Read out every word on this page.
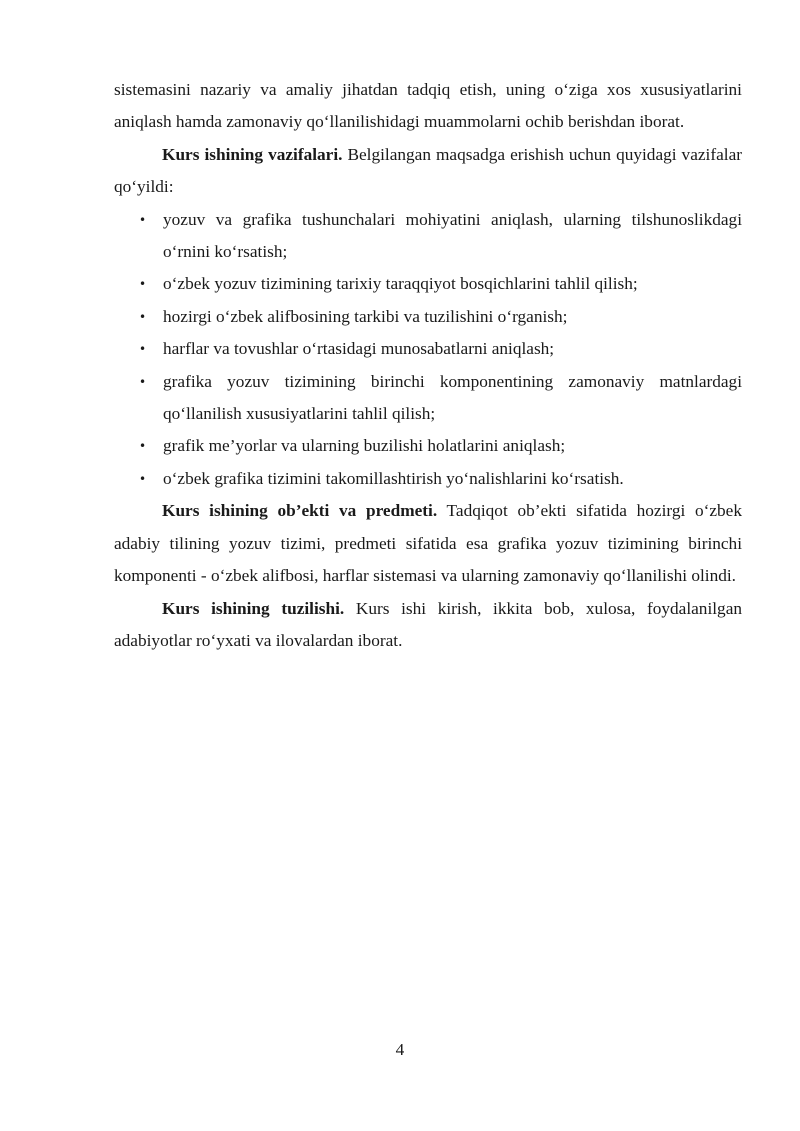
sistemasini nazariy va amaliy jihatdan tadqiq etish, uning o‘ziga xos xususiyatlarini aniqlash hamda zamonaviy qo‘llanilishidagi muammolarni ochib berishdan iborat.

Kurs ishining vazifalari. Belgilangan maqsadga erishish uchun quyidagi vazifalar qo‘yildi:

• yozuv va grafika tushunchalari mohiyatini aniqlash, ularning tilshunoslikdagi o‘rnini ko‘rsatish;
• o‘zbek yozuv tizimining tarixiy taraqqiyot bosqichlarini tahlil qilish;
• hozirgi o‘zbek alifbosining tarkibi va tuzilishini o‘rganish;
• harflar va tovushlar o‘rtasidagi munosabatlarni aniqlash;
• grafika yozuv tizimining birinchi komponentining zamonaviy matnlardagi qo‘llanilish xususiyatlarini tahlil qilish;
• grafik me’yorlar va ularning buzilishi holatlarini aniqlash;
• o‘zbek grafika tizimini takomillashtirish yo‘nalishlarini ko‘rsatish.

Kurs ishining ob’ekti va predmeti. Tadqiqot ob’ekti sifatida hozirgi o‘zbek adabiy tilining yozuv tizimi, predmeti sifatida esa grafika yozuv tizimining birinchi komponenti - o‘zbek alifbosi, harflar sistemasi va ularning zamonaviy qo‘llanilishi olindi.

Kurs ishining tuzilishi. Kurs ishi kirish, ikkita bob, xulosa, foydalanilgan adabiyotlar ro‘yxati va ilovalardan iborat.

4
